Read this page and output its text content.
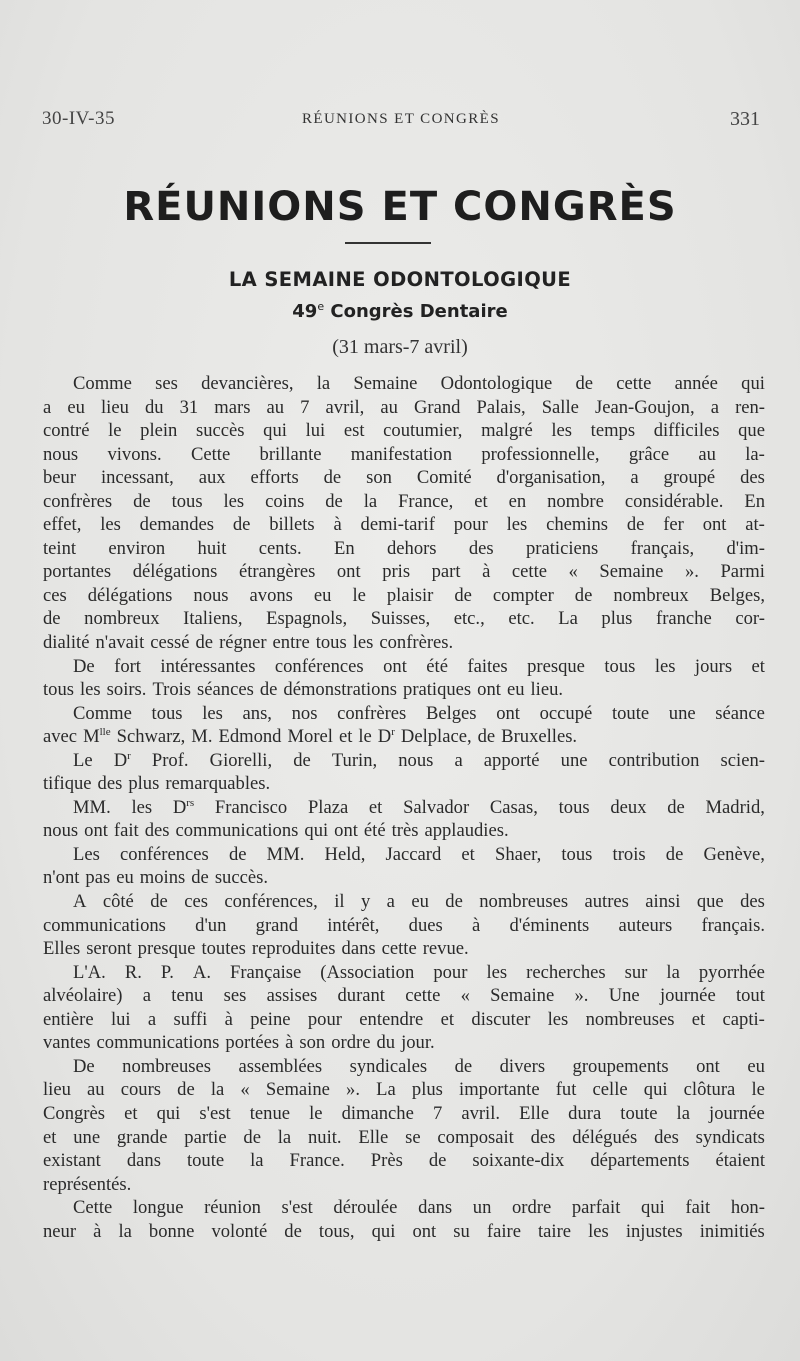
30-IV-35	RÉUNIONS ET CONGRÈS	331
RÉUNIONS ET CONGRÈS
LA SEMAINE ODONTOLOGIQUE
49e Congrès Dentaire
(31 mars-7 avril)
Comme ses devancières, la Semaine Odontologique de cette année qui
a eu lieu du 31 mars au 7 avril, au Grand Palais, Salle Jean-Goujon, a ren-
contré le plein succès qui lui est coutumier, malgré les temps difficiles que
nous vivons. Cette brillante manifestation professionnelle, grâce au la-
beur incessant, aux efforts de son Comité d'organisation, a groupé des
confrères de tous les coins de la France, et en nombre considérable. En
effet, les demandes de billets à demi-tarif pour les chemins de fer ont at-
teint environ huit cents. En dehors des praticiens français, d'im-
portantes délégations étrangères ont pris part à cette « Semaine ». Parmi
ces délégations nous avons eu le plaisir de compter de nombreux Belges,
de nombreux Italiens, Espagnols, Suisses, etc., etc. La plus franche cor-
dialité n'avait cessé de régner entre tous les confrères.
De fort intéressantes conférences ont été faites presque tous les jours et
tous les soirs. Trois séances de démonstrations pratiques ont eu lieu.
Comme tous les ans, nos confrères Belges ont occupé toute une séance
avec $M^{lle}$ Schwarz, M. Edmond Morel et le $D^r$ Delplace, de Bruxelles.
Le $D^r$ Prof. Giorelli, de Turin, nous a apporté une contribution scien-
tifique des plus remarquables.
MM. les $D^{rs}$ Francisco Plaza et Salvador Casas, tous deux de Madrid,
nous ont fait des communications qui ont été très applaudies.
Les conférences de MM. Held, Jaccard et Shaer, tous trois de Genève,
n'ont pas eu moins de succès.
A côté de ces conférences, il y a eu de nombreuses autres ainsi que des
communications d'un grand intérêt, dues à d'éminents auteurs français.
Elles seront presque toutes reproduites dans cette revue.
L'A. R. P. A. Française (Association pour les recherches sur la pyorrhée
alvéolaire) a tenu ses assises durant cette « Semaine ». Une journée tout
entière lui a suffi à peine pour entendre et discuter les nombreuses et capti-
vantes communications portées à son ordre du jour.
De nombreuses assemblées syndicales de divers groupements ont eu
lieu au cours de la « Semaine ». La plus importante fut celle qui clôtura le
Congrès et qui s'est tenue le dimanche 7 avril. Elle dura toute la journée
et une grande partie de la nuit. Elle se composait des délégués des syndicats
existant dans toute la France. Près de soixante-dix départements étaient
représentés.
Cette longue réunion s'est déroulée dans un ordre parfait qui fait hon-
neur à la bonne volonté de tous, qui ont su faire taire les injustes inimitiés
